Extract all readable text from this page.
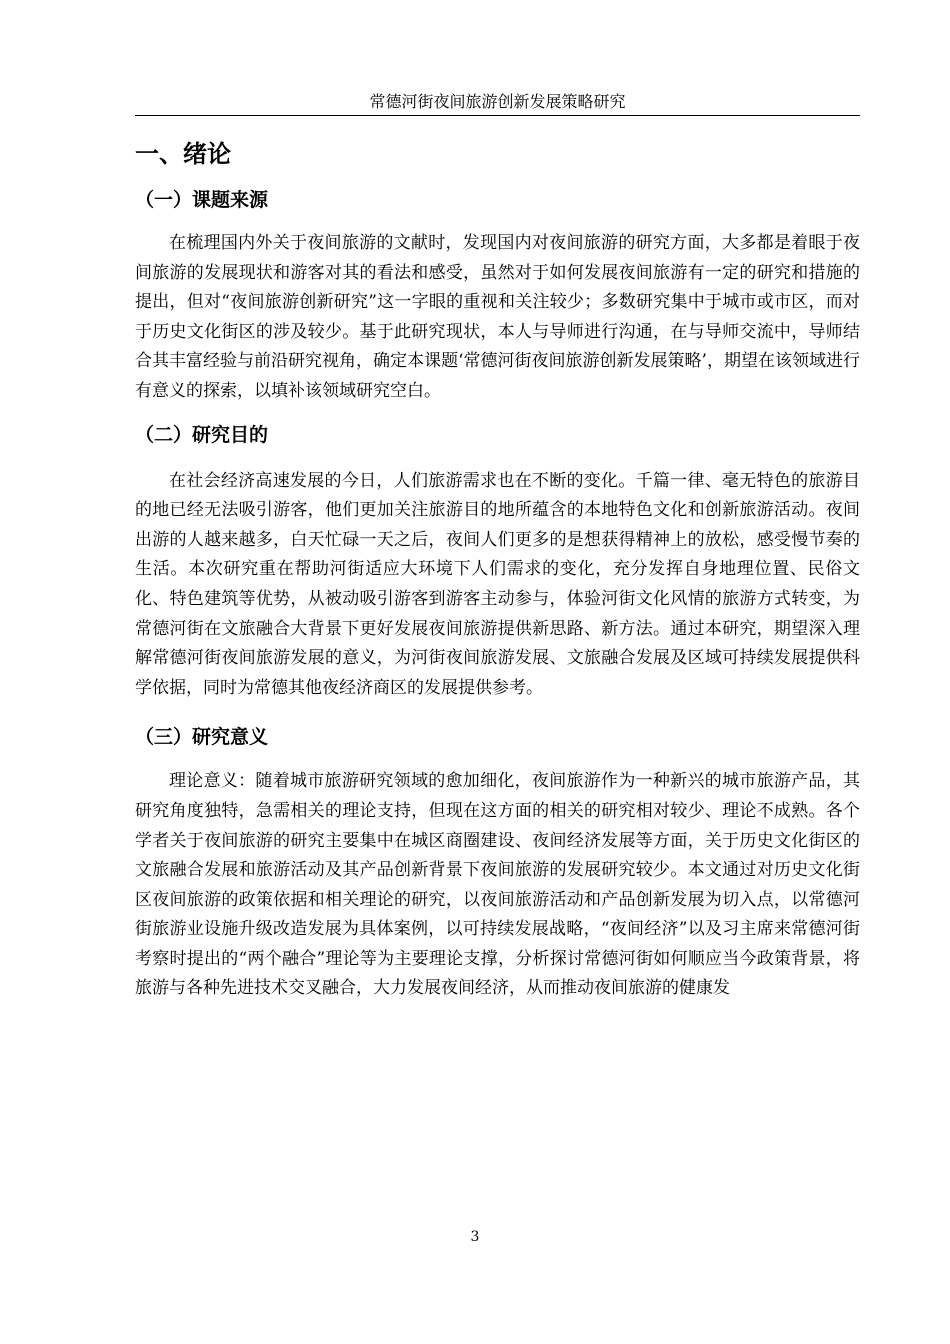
常德河街夜间旅游创新发展策略研究
一、绪论
（一）课题来源

在梳理国内外关于夜间旅游的文献时，发现国内对夜间旅游的研究方面，大多都是着眼于夜间旅游的发展现状和游客对其的看法和感受，虽然对于如何发展夜间旅游有一定的研究和措施的提出，但对“夜间旅游创新研究”这一字眼的重视和关注较少；多数研究集中于城市或市区，而对于历史文化街区的涉及较少。基于此研究现状，本人与导师进行沟通，在与导师交流中，导师结合其丰富经验与前沿研究视角，确定本课题‘常德河街夜间旅游创新发展策略’，期望在该领域进行有意义的探索，以填补该领域研究空白。

（二）研究目的

在社会经济高速发展的今日，人们旅游需求也在不断的变化。千篇一律、毫无特色的旅游目的地已经无法吸引游客，他们更加关注旅游目的地所蕴含的本地特色文化和创新旅游活动。夜间出游的人越来越多，白天忙碌一天之后，夜间人们更多的是想获得精神上的放松，感受慢节奏的生活。本次研究重在帮助河街适应大环境下人们需求的变化，充分发挥自身地理位置、民俗文化、特色建筑等优势，从被动吸引游客到游客主动参与，体验河街文化风情的旅游方式转变，为常德河街在文旅融合大背景下更好发展夜间旅游提供新思路、新方法。通过本研究，期望深入理解常德河街夜间旅游发展的意义，为河街夜间旅游发展、文旅融合发展及区域可持续发展提供科学依据，同时为常德其他夜经济商区的发展提供参考。

（三）研究意义

理论意义：随着城市旅游研究领域的愈加细化，夜间旅游作为一种新兴的城市旅游产品，其研究角度独特，急需相关的理论支持，但现在这方面的相关的研究相对较少、理论不成熟。各个学者关于夜间旅游的研究主要集中在城区商圈建设、夜间经济发展等方面，关于历史文化街区的文旅融合发展和旅游活动及其产品创新背景下夜间旅游的发展研究较少。本文通过对历史文化街区夜间旅游的政策依据和相关理论的研究，以夜间旅游活动和产品创新发展为切入点，以常德河街旅游业设施升级改造发展为具体案例，以可持续发展战略，“夜间经济”以及习主席来常德河街考察时提出的“两个融合”理论等为主要理论支撑，分析探讨常德河街如何顺应当今政策背景，将旅游与各种先进技术交叉融合，大力发展夜间经济，从而推动夜间旅游的健康发

3
